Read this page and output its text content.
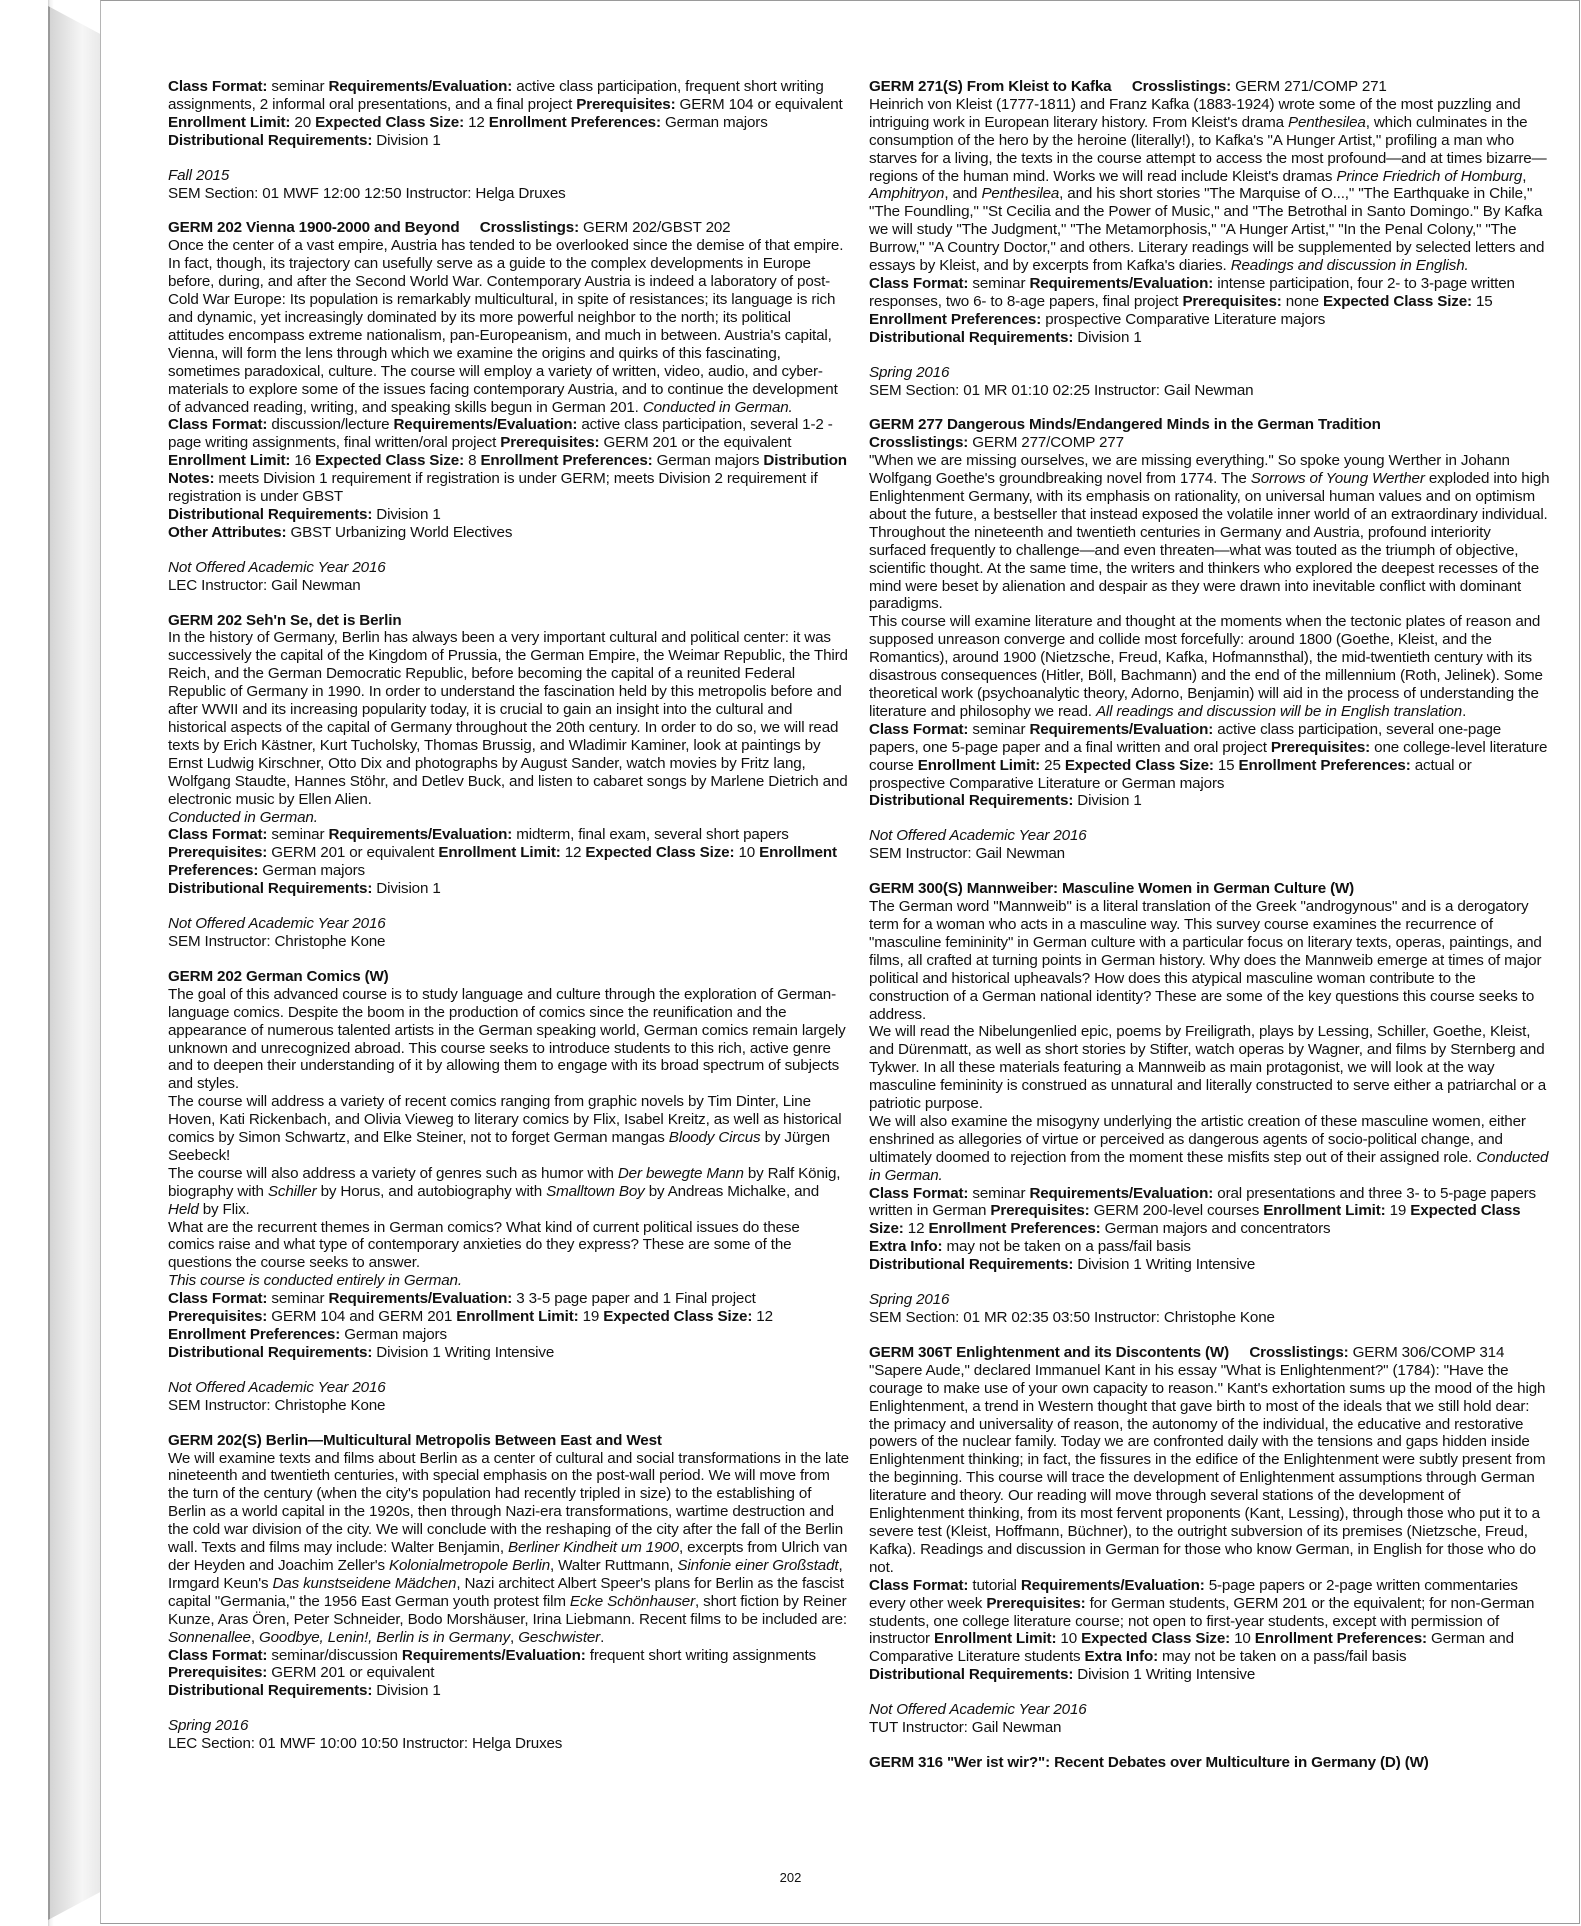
Class Format: seminar Requirements/Evaluation: active class participation, frequent short writing assignments, 2 informal oral presentations, and a final project Prerequisites: GERM 104 or equivalent Enrollment Limit: 20 Expected Class Size: 12 Enrollment Preferences: German majors
Distributional Requirements: Division 1
Fall 2015
SEM Section: 01 MWF 12:00 12:50 Instructor: Helga Druxes
GERM 202 Vienna 1900-2000 and Beyond     Crosslistings: GERM 202/GBST 202
Once the center of a vast empire, Austria has tended to be overlooked since the demise of that empire. In fact, though, its trajectory can usefully serve as a guide to the complex developments in Europe before, during, and after the Second World War. Contemporary Austria is indeed a laboratory of post-Cold War Europe: Its population is remarkably multicultural, in spite of resistances; its language is rich and dynamic, yet increasingly dominated by its more powerful neighbor to the north; its political attitudes encompass extreme nationalism, pan-Europeanism, and much in between. Austria's capital, Vienna, will form the lens through which we examine the origins and quirks of this fascinating, sometimes paradoxical, culture. The course will employ a variety of written, video, audio, and cyber-materials to explore some of the issues facing contemporary Austria, and to continue the development of advanced reading, writing, and speaking skills begun in German 201. Conducted in German.
Class Format: discussion/lecture Requirements/Evaluation: active class participation, several 1-2 - page writing assignments, final written/oral project Prerequisites: GERM 201 or the equivalent Enrollment Limit: 16 Expected Class Size: 8 Enrollment Preferences: German majors Distribution Notes: meets Division 1 requirement if registration is under GERM; meets Division 2 requirement if registration is under GBST
Distributional Requirements: Division 1
Other Attributes: GBST Urbanizing World Electives
Not Offered Academic Year 2016
LEC Instructor: Gail Newman
GERM 202 Seh'n Se, det is Berlin
In the history of Germany, Berlin has always been a very important cultural and political center: it was successively the capital of the Kingdom of Prussia, the German Empire, the Weimar Republic, the Third Reich, and the German Democratic Republic, before becoming the capital of a reunited Federal Republic of Germany in 1990. In order to understand the fascination held by this metropolis before and after WWII and its increasing popularity today, it is crucial to gain an insight into the cultural and historical aspects of the capital of Germany throughout the 20th century. In order to do so, we will read texts by Erich Kästner, Kurt Tucholsky, Thomas Brussig, and Wladimir Kaminer, look at paintings by Ernst Ludwig Kirschner, Otto Dix and photographs by August Sander, watch movies by Fritz lang, Wolfgang Staudte, Hannes Stöhr, and Detlev Buck, and listen to cabaret songs by Marlene Dietrich and electronic music by Ellen Alien.
Conducted in German.
Class Format: seminar Requirements/Evaluation: midterm, final exam, several short papers Prerequisites: GERM 201 or equivalent Enrollment Limit: 12 Expected Class Size: 10 Enrollment Preferences: German majors
Distributional Requirements: Division 1
Not Offered Academic Year 2016
SEM Instructor: Christophe Kone
GERM 202 German Comics (W)
The goal of this advanced course is to study language and culture through the exploration of German-language comics. Despite the boom in the production of comics since the reunification and the appearance of numerous talented artists in the German speaking world, German comics remain largely unknown and unrecognized abroad. This course seeks to introduce students to this rich, active genre and to deepen their understanding of it by allowing them to engage with its broad spectrum of subjects and styles.
The course will address a variety of recent comics ranging from graphic novels by Tim Dinter, Line Hoven, Kati Rickenbach, and Olivia Vieweg to literary comics by Flix, Isabel Kreitz, as well as historical comics by Simon Schwartz, and Elke Steiner, not to forget German mangas Bloody Circus by Jürgen Seebeck!
The course will also address a variety of genres such as humor with Der bewegte Mann by Ralf König, biography with Schiller by Horus, and autobiography with Smalltown Boy by Andreas Michalke, and Held by Flix.
What are the recurrent themes in German comics? What kind of current political issues do these comics raise and what type of contemporary anxieties do they express? These are some of the questions the course seeks to answer.
This course is conducted entirely in German.
Class Format: seminar Requirements/Evaluation: 3 3-5 page paper and 1 Final project Prerequisites: GERM 104 and GERM 201 Enrollment Limit: 19 Expected Class Size: 12 Enrollment Preferences: German majors
Distributional Requirements: Division 1 Writing Intensive
Not Offered Academic Year 2016
SEM Instructor: Christophe Kone
GERM 202(S) Berlin—Multicultural Metropolis Between East and West
We will examine texts and films about Berlin as a center of cultural and social transformations in the late nineteenth and twentieth centuries, with special emphasis on the post-wall period. We will move from the turn of the century (when the city's population had recently tripled in size) to the establishing of Berlin as a world capital in the 1920s, then through Nazi-era transformations, wartime destruction and the cold war division of the city. We will conclude with the reshaping of the city after the fall of the Berlin wall. Texts and films may include: Walter Benjamin, Berliner Kindheit um 1900, excerpts from Ulrich van der Heyden and Joachim Zeller's Kolonialmetropole Berlin, Walter Ruttmann, Sinfonie einer Großstadt, Irmgard Keun's Das kunstseidene Mädchen, Nazi architect Albert Speer's plans for Berlin as the fascist capital "Germania," the 1956 East German youth protest film Ecke Schönhauser, short fiction by Reiner Kunze, Aras Ören, Peter Schneider, Bodo Morshäuser, Irina Liebmann. Recent films to be included are: Sonnenallee, Goodbye, Lenin!, Berlin is in Germany, Geschwister.
Class Format: seminar/discussion Requirements/Evaluation: frequent short writing assignments Prerequisites: GERM 201 or equivalent
Distributional Requirements: Division 1
Spring 2016
LEC Section: 01 MWF 10:00 10:50 Instructor: Helga Druxes
GERM 271(S) From Kleist to Kafka     Crosslistings: GERM 271/COMP 271
Heinrich von Kleist (1777-1811) and Franz Kafka (1883-1924) wrote some of the most puzzling and intriguing work in European literary history. From Kleist's drama Penthesilea, which culminates in the consumption of the hero by the heroine (literally!), to Kafka's "A Hunger Artist," profiling a man who starves for a living, the texts in the course attempt to access the most profound—and at times bizarre—regions of the human mind. Works we will read include Kleist's dramas Prince Friedrich of Homburg, Amphitryon, and Penthesilea, and his short stories "The Marquise of O...," "The Earthquake in Chile," "The Foundling," "St Cecilia and the Power of Music," and "The Betrothal in Santo Domingo." By Kafka we will study "The Judgment," "The Metamorphosis," "A Hunger Artist," "In the Penal Colony," "The Burrow," "A Country Doctor," and others. Literary readings will be supplemented by selected letters and essays by Kleist, and by excerpts from Kafka's diaries. Readings and discussion in English.
Class Format: seminar Requirements/Evaluation: intense participation, four 2- to 3-page written responses, two 6- to 8-age papers, final project Prerequisites: none Expected Class Size: 15 Enrollment Preferences: prospective Comparative Literature majors
Distributional Requirements: Division 1
Spring 2016
SEM Section: 01 MR 01:10 02:25 Instructor: Gail Newman
GERM 277 Dangerous Minds/Endangered Minds in the German Tradition
Crosslistings: GERM 277/COMP 277
"When we are missing ourselves, we are missing everything." So spoke young Werther in Johann Wolfgang Goethe's groundbreaking novel from 1774. The Sorrows of Young Werther exploded into high Enlightenment Germany, with its emphasis on rationality, on universal human values and on optimism about the future, a bestseller that instead exposed the volatile inner world of an extraordinary individual. Throughout the nineteenth and twentieth centuries in Germany and Austria, profound interiority surfaced frequently to challenge—and even threaten—what was touted as the triumph of objective, scientific thought. At the same time, the writers and thinkers who explored the deepest recesses of the mind were beset by alienation and despair as they were drawn into inevitable conflict with dominant paradigms.
This course will examine literature and thought at the moments when the tectonic plates of reason and supposed unreason converge and collide most forcefully: around 1800 (Goethe, Kleist, and the Romantics), around 1900 (Nietzsche, Freud, Kafka, Hofmannsthal), the mid-twentieth century with its disastrous consequences (Hitler, Böll, Bachmann) and the end of the millennium (Roth, Jelinek). Some theoretical work (psychoanalytic theory, Adorno, Benjamin) will aid in the process of understanding the literature and philosophy we read. All readings and discussion will be in English translation.
Class Format: seminar Requirements/Evaluation: active class participation, several one-page papers, one 5-page paper and a final written and oral project Prerequisites: one college-level literature course Enrollment Limit: 25 Expected Class Size: 15 Enrollment Preferences: actual or prospective Comparative Literature or German majors
Distributional Requirements: Division 1
Not Offered Academic Year 2016
SEM Instructor: Gail Newman
GERM 300(S) Mannweiber: Masculine Women in German Culture (W)
The German word "Mannweib" is a literal translation of the Greek "androgynous" and is a derogatory term for a woman who acts in a masculine way. This survey course examines the recurrence of "masculine femininity" in German culture with a particular focus on literary texts, operas, paintings, and films, all crafted at turning points in German history. Why does the Mannweib emerge at times of major political and historical upheavals? How does this atypical masculine woman contribute to the construction of a German national identity? These are some of the key questions this course seeks to address.
We will read the Nibelungenlied epic, poems by Freiligrath, plays by Lessing, Schiller, Goethe, Kleist, and Dürenmatt, as well as short stories by Stifter, watch operas by Wagner, and films by Sternberg and Tykwer. In all these materials featuring a Mannweib as main protagonist, we will look at the way masculine femininity is construed as unnatural and literally constructed to serve either a patriarchal or a patriotic purpose.
We will also examine the misogyny underlying the artistic creation of these masculine women, either enshrined as allegories of virtue or perceived as dangerous agents of socio-political change, and ultimately doomed to rejection from the moment these misfits step out of their assigned role. Conducted in German.
Class Format: seminar Requirements/Evaluation: oral presentations and three 3- to 5-page papers written in German Prerequisites: GERM 200-level courses Enrollment Limit: 19 Expected Class Size: 12 Enrollment Preferences: German majors and concentrators
Extra Info: may not be taken on a pass/fail basis
Distributional Requirements: Division 1 Writing Intensive
Spring 2016
SEM Section: 01 MR 02:35 03:50 Instructor: Christophe Kone
GERM 306T Enlightenment and its Discontents (W)     Crosslistings: GERM 306/COMP 314
"Sapere Aude," declared Immanuel Kant in his essay "What is Enlightenment?" (1784): "Have the courage to make use of your own capacity to reason." Kant's exhortation sums up the mood of the high Enlightenment, a trend in Western thought that gave birth to most of the ideals that we still hold dear: the primacy and universality of reason, the autonomy of the individual, the educative and restorative powers of the nuclear family. Today we are confronted daily with the tensions and gaps hidden inside Enlightenment thinking; in fact, the fissures in the edifice of the Enlightenment were subtly present from the beginning. This course will trace the development of Enlightenment assumptions through German literature and theory. Our reading will move through several stations of the development of Enlightenment thinking, from its most fervent proponents (Kant, Lessing), through those who put it to a severe test (Kleist, Hoffmann, Büchner), to the outright subversion of its premises (Nietzsche, Freud, Kafka). Readings and discussion in German for those who know German, in English for those who do not.
Class Format: tutorial Requirements/Evaluation: 5-page papers or 2-page written commentaries every other week Prerequisites: for German students, GERM 201 or the equivalent; for non-German students, one college literature course; not open to first-year students, except with permission of instructor Enrollment Limit: 10 Expected Class Size: 10 Enrollment Preferences: German and Comparative Literature students Extra Info: may not be taken on a pass/fail basis
Distributional Requirements: Division 1 Writing Intensive
Not Offered Academic Year 2016
TUT Instructor: Gail Newman
GERM 316 "Wer ist wir?": Recent Debates over Multiculture in Germany (D) (W)
202
